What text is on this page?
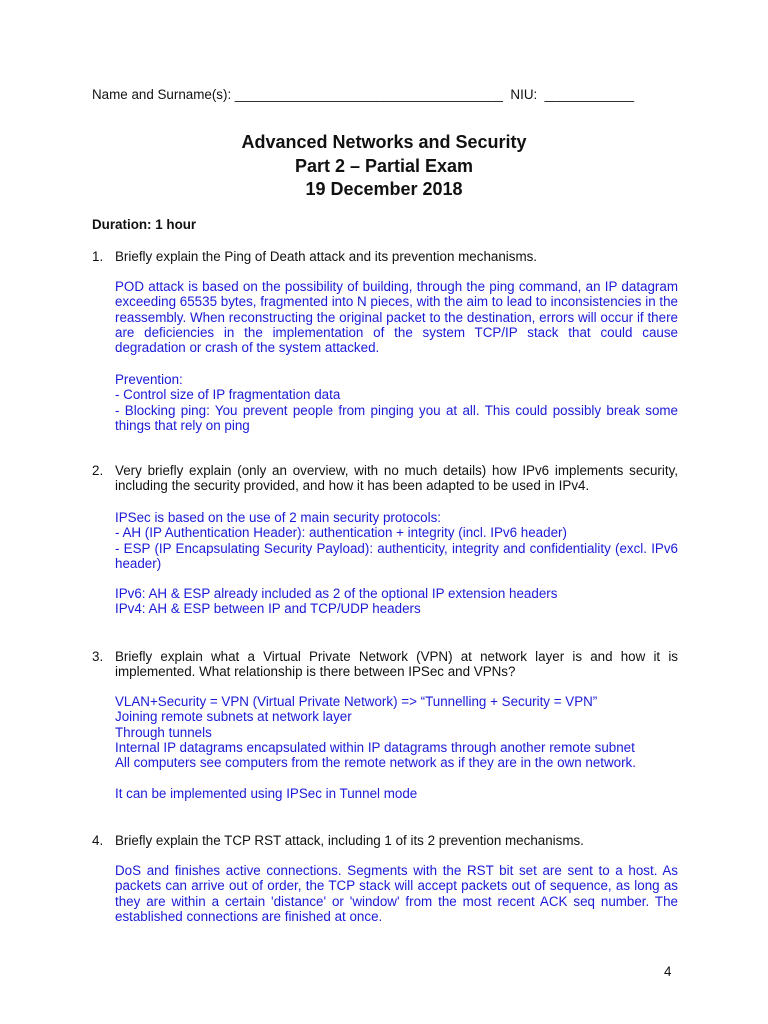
Name and Surname(s): ____________________________________  NIU:  ____________
Advanced Networks and Security
Part 2 – Partial Exam
19 December 2018
Duration: 1 hour
1. Briefly explain the Ping of Death attack and its prevention mechanisms.
POD attack is based on the possibility of building, through the ping command, an IP datagram exceeding 65535 bytes, fragmented into N pieces, with the aim to lead to inconsistencies in the reassembly. When reconstructing the original packet to the destination, errors will occur if there are deficiencies in the implementation of the system TCP/IP stack that could cause degradation or crash of the system attacked.
Prevention:
- Control size of IP fragmentation data
- Blocking ping: You prevent people from pinging you at all. This could possibly break some things that rely on ping
2. Very briefly explain (only an overview, with no much details) how IPv6 implements security, including the security provided, and how it has been adapted to be used in IPv4.
IPSec is based on the use of 2 main security protocols:
- AH (IP Authentication Header): authentication + integrity (incl. IPv6 header)
- ESP (IP Encapsulating Security Payload): authenticity, integrity and confidentiality (excl. IPv6 header)
IPv6: AH & ESP already included as 2 of the optional IP extension headers
IPv4: AH & ESP between IP and TCP/UDP headers
3. Briefly explain what a Virtual Private Network (VPN) at network layer is and how it is implemented. What relationship is there between IPSec and VPNs?
VLAN+Security = VPN (Virtual Private Network) => “Tunnelling + Security = VPN”
Joining remote subnets at network layer
Through tunnels
Internal IP datagrams encapsulated within IP datagrams through another remote subnet
All computers see computers from the remote network as if they are in the own network.
It can be implemented using IPSec in Tunnel mode
4. Briefly explain the TCP RST attack, including 1 of its 2 prevention mechanisms.
DoS and finishes active connections. Segments with the RST bit set are sent to a host. As packets can arrive out of order, the TCP stack will accept packets out of sequence, as long as they are within a certain 'distance' or 'window' from the most recent ACK seq number. The established connections are finished at once.
4
